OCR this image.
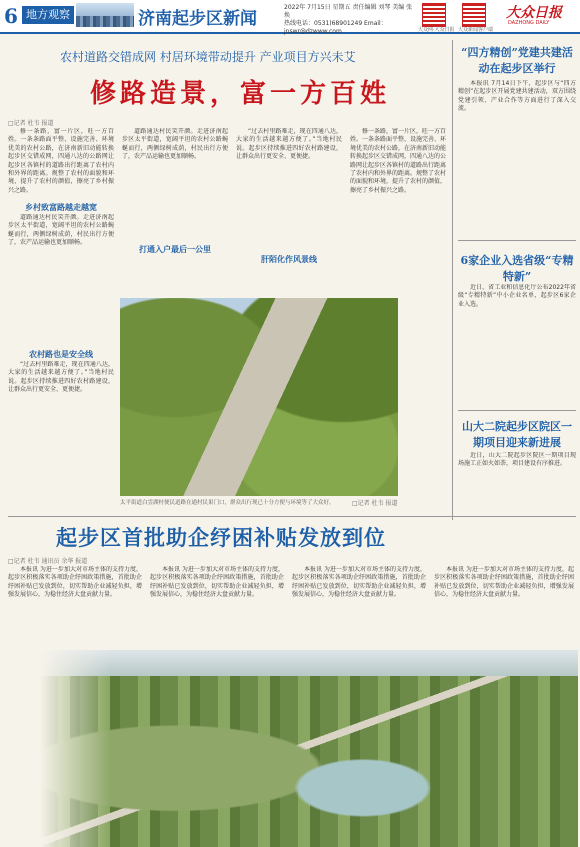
6 地方观察	济南起步区新闻
2022年 7月15日 星期五 责任编辑 刘琴 美编 张焕
热线电话：0531)68901249 Email：jnswr@dzwww.com	大众网·大众日报 大众新闻客户端
大众日报
DAZHONG DAILY
农村道路交错成网 村居环境带动提升 产业项目方兴未艾
修路造景，富一方百姓
□记者 杜韦 报道
乡村致富路越走越宽
打通入户最后一公里
农村路也是安全线
肝陌化作风景线
修一条路，富一片区，旺一方百姓。一条条路面平整、设施完善、环境优美的农村公路，在济南新旧动能转换起步区交错成网，四通八达的公路网让起步区各镇村的道路出行距离了农村内和外界的距离。规整了农村的面貌和环境，提升了农村的颜值，擦亮了乡村振兴之路。
道路通达村民笑开颜。走进济南起步区太平街道，宽阔平坦的农村公路蜿蜒而行，两侧绿树成荫，村民出行方便了，农产品运输也更加顺畅。
“过去村里路难走，现在四通八达，大家的生活越来越方便了。”当地村民说。起步区持续推进四好农村路建设，让群众出行更安全、更便捷。
道路通达村民笑开颜。走进济南起步区太平街道，宽阔平坦的农村公路蜿蜒而行，两侧绿树成荫，村民出行方便了，农产品运输也更加顺畅。
“过去村里路难走，现在四通八达，大家的生活越来越方便了。”当地村民说。起步区持续推进四好农村路建设，让群众出行更安全、更便捷。
修一条路，富一片区，旺一方百姓。一条条路面平整、设施完善、环境优美的农村公路，在济南新旧动能转换起步区交错成网，四通八达的公路网让起步区各镇村的道路出行距离了农村内和外界的距离。规整了农村的面貌和环境，提升了农村的颜值，擦亮了乡村振兴之路。
太平街道白雲湖村便民道路在通村民果门口，群众出行现已十分方便与环境等了大众好。	□记者 杜韦 报道
“四方精创”党建共建活动在起步区举行
本报讯 7月14日下午，起步区与“四方精创”在起步区开展党建共建活动，双方围绕党建引领、产业合作等方面进行了深入交流。
6家企业入选省级“专精特新”
近日，省工业和信息化厅公布2022年省级“专精特新”中小企业名单，起步区6家企业入选。
山大二院起步区院区一期项目迎来新进展
近日，山大二院起步区院区一期项目现场施工正如火如荼，项目建设有序推进。
起步区首批助企纾困补贴发放到位
□记者 杜韦 通讯员 余华 报道
本报讯 为进一步加大对市场主体的支持力度，起步区积极落实各项助企纾困政策措施，首批助企纾困补贴已发放到位，切实帮助企业减轻负担，增强发展信心，为稳住经济大盘贡献力量。
本报讯 为进一步加大对市场主体的支持力度，起步区积极落实各项助企纾困政策措施，首批助企纾困补贴已发放到位，切实帮助企业减轻负担，增强发展信心，为稳住经济大盘贡献力量。
本报讯 为进一步加大对市场主体的支持力度，起步区积极落实各项助企纾困政策措施，首批助企纾困补贴已发放到位，切实帮助企业减轻负担，增强发展信心，为稳住经济大盘贡献力量。
本报讯 为进一步加大对市场主体的支持力度，起步区积极落实各项助企纾困政策措施，首批助企纾困补贴已发放到位，切实帮助企业减轻负担，增强发展信心，为稳住经济大盘贡献力量。
